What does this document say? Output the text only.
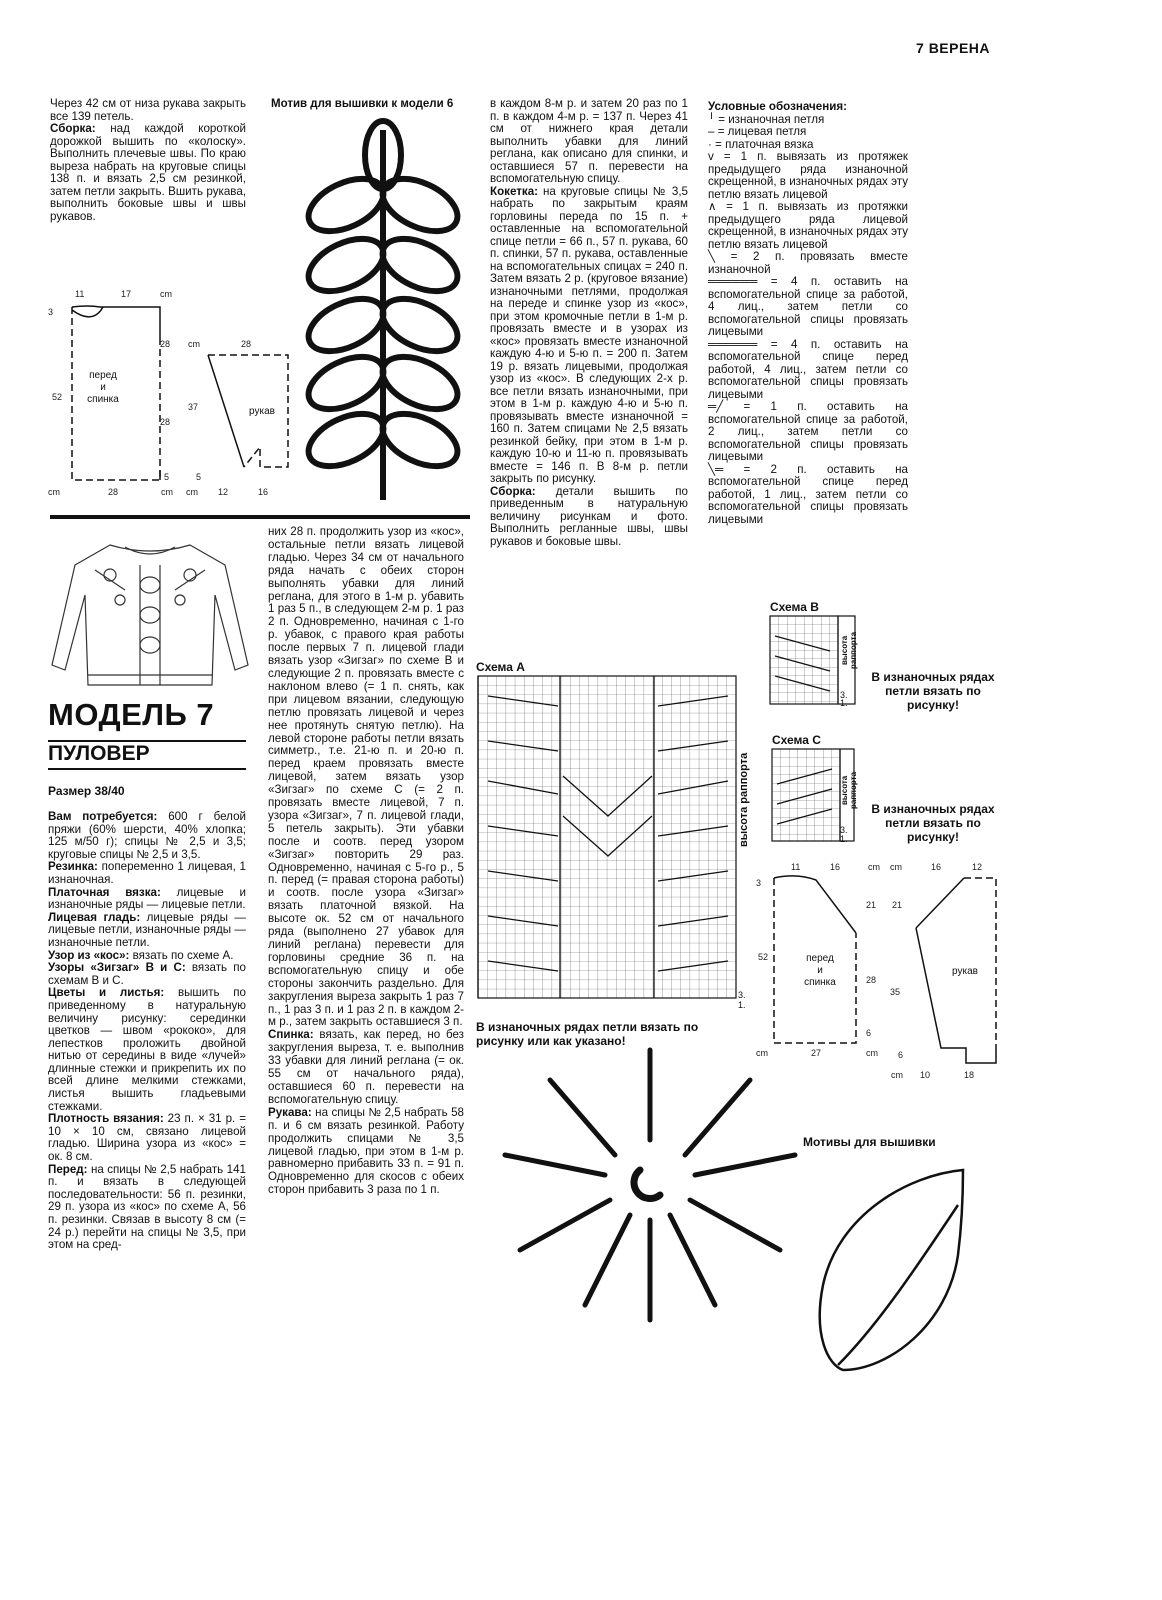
7 ВЕРЕНА

Через 42 см от низа рукава закрыть все 139 петель.

Сборка: над каждой короткой дорожкой вышить по «колоску». Выполнить плечевые швы. По краю выреза набрать на круговые спицы 138 п. и вязать 2,5 см резинкой, затем петли закрыть. Вшить рукава, выполнить боковые швы и швы рукавов.

11	17	cm
3
52
28
28
5
cm	28
37
5
cm	28	cm cm 12	16
перед
и
спинка
рукав
Мотив для вышивки к модели 6	в каждом 8-м р. и затем 20 раз по 1 п. в каждом 4-м р. = 137 п. Через 41 см от нижнего края детали выполнить убавки для линий реглана, как описано для спинки, и оставшиеся 57 п. перевести на вспомогательную спицу.

Кокетка: на круговые спицы № 3,5 набрать по закрытым краям горловины переда по 15 п. + оставленные на вспомогательной спице петли = 66 п., 57 п. рукава, 60 п. спинки, 57 п. рукава, оставленные на вспомогательных спицах = 240 п. Затем вязать 2 р. (круговое вязание) изнаночными петлями, продолжая на переде и спинке узор из «кос», при этом кромочные петли в 1-м р. провязать вместе и в узорах из «кос» провязать вместе изнаночной каждую 4-ю и 5-ю п. = 200 п. Затем 19 р. вязать лицевыми, продолжая узор из «кос». В следующих 2-х р. все петли вязать изнаночными, при этом в 1-м р. каждую 4-ю и 5-ю п. провязывать вместе изнаночной = 160 п. Затем спицами № 2,5 вязать резинкой бейку, при этом в 1-м р. каждую 10-ю и 11-ю п. провязывать вместе = 146 п. В 8-м р. петли закрыть по рисунку.

Сборка: детали вышить по приведенным в натуральную величину рисункам и фото. Выполнить регланные швы, швы рукавов и боковые швы.

Условные обозначения:

╵ = изнаночная петля

– = лицевая петля

· = платочная вязка

v = 1 п. вывязать из протяжек предыдущего ряда изнаночной скрещенной, в изнаночных рядах эту петлю вязать лицевой

∧ = 1 п. вывязать из протяжки предыдущего ряда лицевой скрещенной, в изнаночных рядах эту петлю вязать лицевой

╲ = 2 п. провязать вместе изнаночной

══════ = 4 п. оставить на вспомогательной спице за работой, 4 лиц., затем петли со вспомогательной спицы провязать лицевыми

══════ = 4 п. оставить на вспомогательной спице перед работой, 4 лиц., затем петли со вспомогательной спицы провязать лицевыми

═╱ = 1 п. оставить на вспомогательной спице за работой, 2 лиц., затем петли со вспомогательной спицы провязать лицевыми

╲═ = 2 п. оставить на вспомогательной спице перед работой, 1 лиц., затем петли со вспомогательной спицы провязать лицевыми

МОДЕЛЬ 7
ПУЛОВЕР
Размер 38/40

Вам потребуется: 600 г белой пряжи (60% шерсти, 40% хлопка; 125 м/50 г); спицы № 2,5 и 3,5; круговые спицы № 2,5 и 3,5.

Резинка: попеременно 1 лицевая, 1 изнаночная.

Платочная вязка: лицевые и изнаночные ряды — лицевые петли.

Лицевая гладь: лицевые ряды — лицевые петли, изнаночные ряды — изнаночные петли.

Узор из «кос»: вязать по схеме А.

Узоры «Зигзаг» В и С: вязать по схемам В и С.

Цветы и листья: вышить по приведенному в натуральную величину рисунку: серединки цветков — швом «рококо», для лепестков проложить двойной нитью от середины в виде «лучей» длинные стежки и прикрепить их по всей длине мелкими стежками, листья вышить гладьевыми стежками.

Плотность вязания: 23 п. × 31 р. = 10 × 10 см, связано лицевой гладью. Ширина узора из «кос» = ок. 8 см.

Перед: на спицы № 2,5 набрать 141 п. и вязать в следующей последовательности: 56 п. резинки, 29 п. узора из «кос» по схеме А, 56 п. резинки. Связав в высоту 8 см (= 24 р.) перейти на спицы № 3,5, при этом на сред-

них 28 п. продолжить узор из «кос», остальные петли вязать лицевой гладью. Через 34 см от начального ряда начать с обеих сторон выполнять убавки для линий реглана, для этого в 1-м р. убавить 1 раз 5 п., в следующем 2-м р. 1 раз 2 п. Одновременно, начиная с 1-го р. убавок, с правого края работы после первых 7 п. лицевой глади вязать узор «Зигзаг» по схеме В и следующие 2 п. провязать вместе с наклоном влево (= 1 п. снять, как при лицевом вязании, следующую петлю провязать лицевой и через нее протянуть снятую петлю). На левой стороне работы петли вязать симметр., т.е. 21-ю п. и 20-ю п. перед краем провязать вместе лицевой, затем вязать узор «Зигзаг» по схеме С (= 2 п. провязать вместе лицевой, 7 п. узора «Зигзаг», 7 п. лицевой глади, 5 петель закрыть). Эти убавки после и соотв. перед узором «Зигзаг» повторить 29 раз. Одновременно, начиная с 5-го р., 5 п. перед (= правая сторона работы) и соотв. после узора «Зигзаг» вязать платочной вязкой. На высоте ок. 52 см от начального ряда (выполнено 27 убавок для линий реглана) перевести для горловины средние 36 п. на вспомогательную спицу и обе стороны закончить раздельно. Для закругления выреза закрыть 1 раз 7 п., 1 раз 3 п. и 1 раз 2 п. в каждом 2-м р., затем закрыть оставшиеся 3 п.

Спинка: вязать, как перед, но без закругления выреза, т. е. выполнив 33 убавки для линий реглана (= ок. 55 см от начального ряда), оставшиеся 60 п. перевести на вспомогательную спицу.

Рукава: на спицы № 2,5 набрать 58 п. и 6 см вязать резинкой. Работу продолжить спицами № 3,5 лицевой гладью, при этом в 1-м р. равномерно прибавить 33 п. = 91 п. Одновременно для скосов с обеих сторон прибавить 3 раза по 1 п.

Схема А
высота раппорта
3.
1.
В изнаночных рядах петли вязать по рисунку или как указано!
Схема В
высота раппорта
3.
1.
В изнаночных рядах петли вязать по рисунку!
Схема С
высота раппорта
3.
1.
В изнаночных рядах петли вязать по рисунку!
11	16	cm cm	16	12
3
52
21 21
28
35
6
6
cm	27	cm
cm 10	18
перед
и
спинка
рукав
Мотивы для вышивки
